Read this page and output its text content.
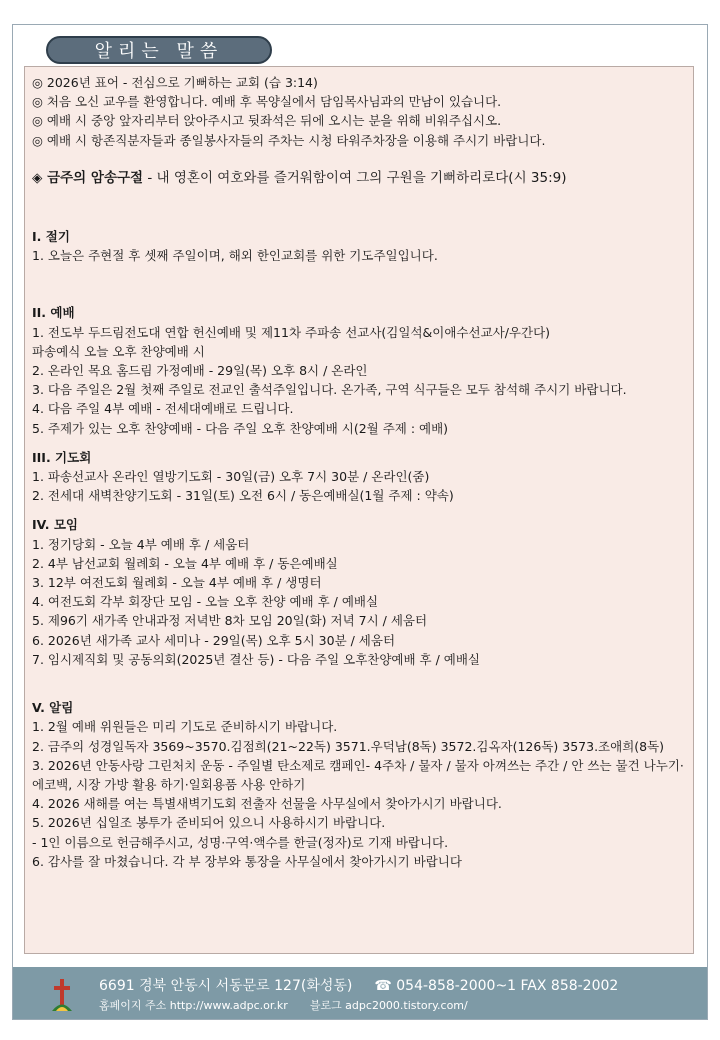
알리는 말씀

◎ 2026년 표어 - 전심으로 기뻐하는 교회 (습 3:14)

◎ 처음 오신 교우를 환영합니다. 예배 후 목양실에서 담임목사님과의 만남이 있습니다.

◎ 예배 시 중앙 앞자리부터 앉아주시고 뒷좌석은 뒤에 오시는 분을 위해 비워주십시오.

◎ 예배 시 항존직분자들과 종일봉사자들의 주차는 시청 타워주차장을 이용해 주시기 바랍니다.

◈ 금주의 암송구절 - 내 영혼이 여호와를 즐거워함이여 그의 구원을 기뻐하리로다(시 35:9)

I. 절기

1. 오늘은 주현절 후 셋째 주일이며, 해외 한인교회를 위한 기도주일입니다.

II. 예배

1. 전도부 두드림전도대 연합 헌신예배 및 제11차 주파송 선교사(김일석&이애수선교사/우간다)

파송예식 오늘 오후 찬양예배 시

2. 온라인 목요 홈드림 가정예배 - 29일(목) 오후 8시 / 온라인

3. 다음 주일은 2월 첫째 주일로 전교인 출석주일입니다. 온가족, 구역 식구들은 모두 참석해 주시기 바랍니다.

4. 다음 주일 4부 예배 - 전세대예배로 드립니다.

5. 주제가 있는 오후 찬양예배 - 다음 주일 오후 찬양예배 시(2월 주제 : 예배)

III. 기도회

1. 파송선교사 온라인 열방기도회 - 30일(금) 오후 7시 30분 / 온라인(줌)

2. 전세대 새벽찬양기도회 - 31일(토) 오전 6시 / 동은예배실(1월 주제 : 약속)

IV. 모임

1. 정기당회 - 오늘 4부 예배 후 / 세움터

2. 4부 남선교회 월례회 - 오늘 4부 예배 후 / 동은예배실

3. 12부 여전도회 월례회 - 오늘 4부 예배 후 / 생명터

4. 여전도회 각부 회장단 모임 - 오늘 오후 찬양 예배 후 / 예배실

5. 제96기 새가족 안내과정 저녁반 8차 모임 20일(화) 저녁 7시 / 세움터

6. 2026년 새가족 교사 세미나 - 29일(목) 오후 5시 30분 / 세움터

7. 임시제직회 및 공동의회(2025년 결산 등) - 다음 주일 오후찬양예배 후 / 예배실

V. 알림

1. 2월 예배 위원들은 미리 기도로 준비하시기 바랍니다.

2. 금주의 성경일독자 3569~3570.김점희(21~22독) 3571.우덕남(8독) 3572.김옥자(126독) 3573.조애희(8독)

3. 2026년 안동사랑 그린처치 운동 - 주일별 탄소제로 캠페인- 4주차 / 물자 / 물자 아껴쓰는 주간 / 안 쓰는 물건 나누기·에코백, 시장 가방 활용 하기·일회용품 사용 안하기

4. 2026 새해를 여는 특별새벽기도회 전출자 선물을 사무실에서 찾아가시기 바랍니다.

5. 2026년 십일조 봉투가 준비되어 있으니 사용하시기 바랍니다.

- 1인 이름으로 헌금해주시고, 성명·구역·액수를 한글(정자)로 기재 바랍니다.

6. 감사를 잘 마쳤습니다. 각 부 장부와 통장을 사무실에서 찾아가시기 바랍니다

6691 경북 안동시 서동문로 127(화성동) ☎ 054-858-2000~1 FAX 858-2002
홈페이지 주소 http://www.adpc.or.kr 블로그 adpc2000.tistory.com/
